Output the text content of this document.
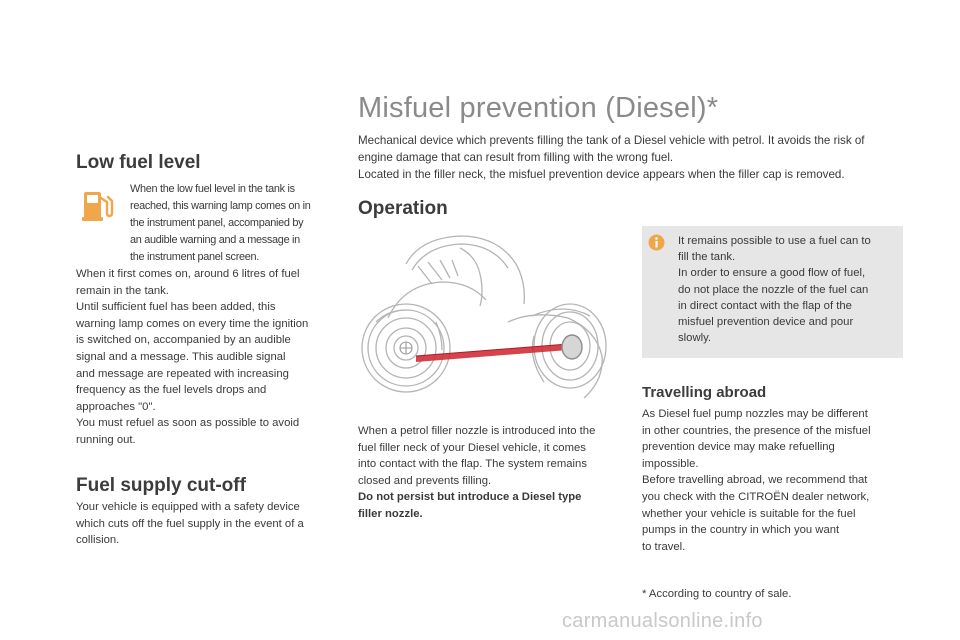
Misfuel prevention (Diesel)*
Mechanical device which prevents filling the tank of a Diesel vehicle with petrol. It avoids the risk of
engine damage that can result from filling with the wrong fuel.
Located in the filler neck, the misfuel prevention device appears when the filler cap is removed.
Low fuel level
When the low fuel level in the tank is
reached, this warning lamp comes on in
the instrument panel, accompanied by
an audible warning and a message in
the instrument panel screen.
When it first comes on, around 6 litres of fuel
remain in the tank.
Until sufficient fuel has been added, this
warning lamp comes on every time the ignition
is switched on, accompanied by an audible
signal and a message. This audible signal
and message are repeated with increasing
frequency as the fuel levels drops and
approaches "0".
You must refuel as soon as possible to avoid
running out.
Fuel supply cut-off
Your vehicle is equipped with a safety device
which cuts off the fuel supply in the event of a
collision.
Operation
When a petrol filler nozzle is introduced into the
fuel filler neck of your Diesel vehicle, it comes
into contact with the flap. The system remains
closed and prevents filling.
Do not persist but introduce a Diesel type
filler nozzle.
It remains possible to use a fuel can to
fill the tank.
In order to ensure a good flow of fuel,
do not place the nozzle of the fuel can
in direct contact with the flap of the
misfuel prevention device and pour
slowly.
Travelling abroad
As Diesel fuel pump nozzles may be different
in other countries, the presence of the misfuel
prevention device may make refuelling
impossible.
Before travelling abroad, we recommend that
you check with the CITROËN dealer network,
whether your vehicle is suitable for the fuel
pumps in the country in which you want
to travel.
* According to country of sale.
carmanualsonline.info
